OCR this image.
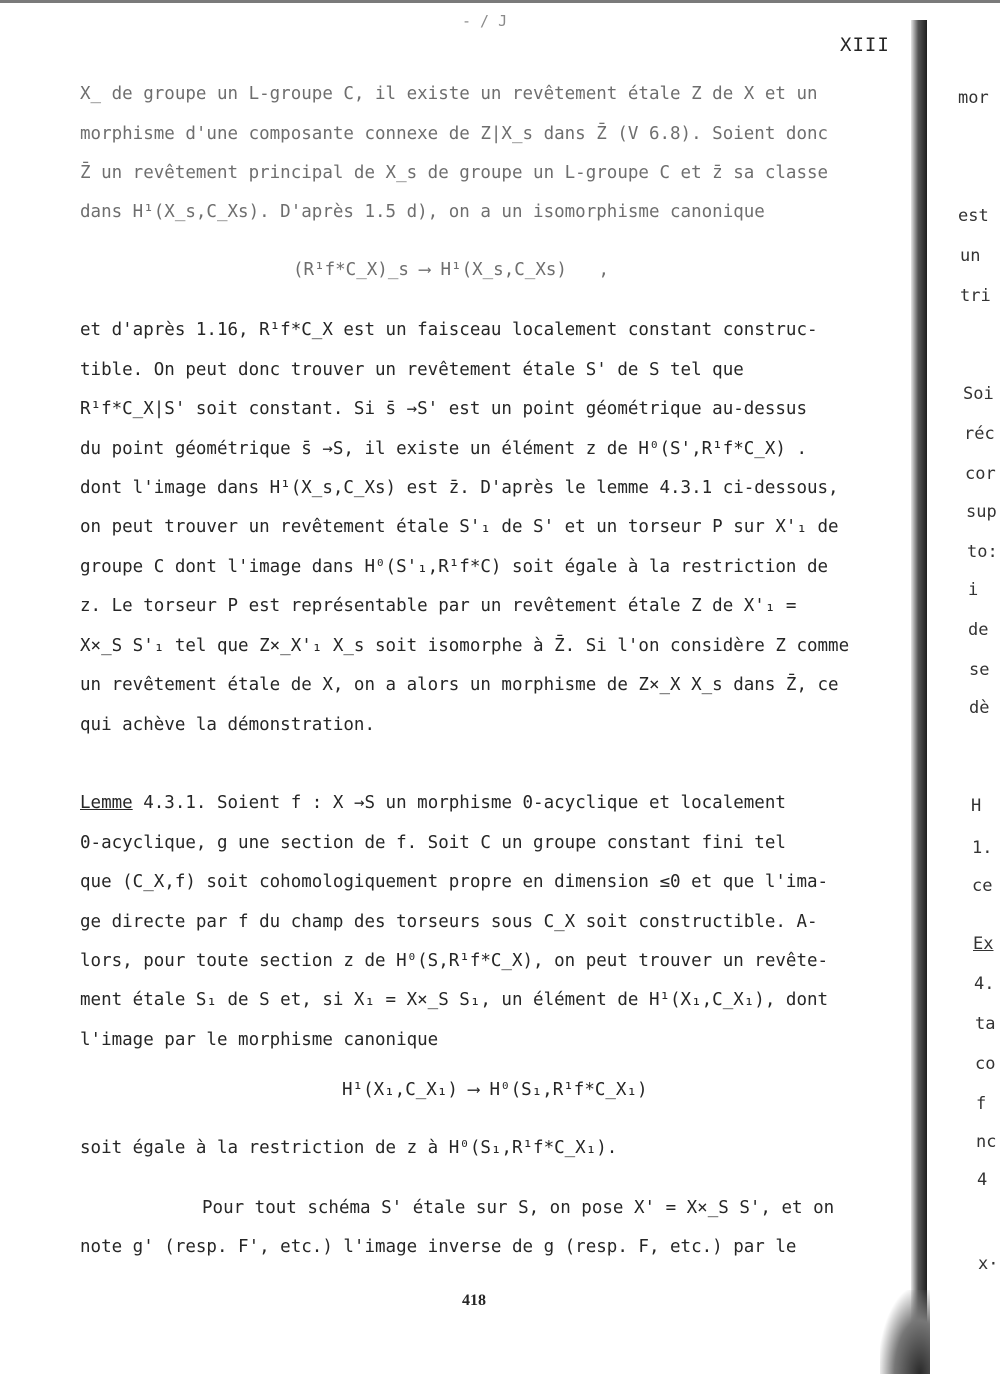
- / J
XIII
X_ de groupe un L-groupe C, il existe un revêtement étale Z de X et un
morphisme d'une composante connexe de Z|X_s dans Z̄ (V 6.8). Soient donc
Z̄ un revêtement principal de X_s de groupe un L-groupe C et z̄ sa classe
dans H¹(X_s,C_Xs). D'après 1.5 d), on a un isomorphisme canonique
(R¹f*C_X)_s ⟶ H¹(X_s,C_Xs)   ,
et d'après 1.16, R¹f*C_X est un faisceau localement constant construc-
tible. On peut donc trouver un revêtement étale S' de S tel que
R¹f*C_X|S' soit constant. Si s̄ →S' est un point géométrique au-dessus
du point géométrique s̄ →S, il existe un élément z de H⁰(S',R¹f*C_X) .
dont l'image dans H¹(X_s,C_Xs) est z̄. D'après le lemme 4.3.1 ci-dessous,
on peut trouver un revêtement étale S'₁ de S' et un torseur P sur X'₁ de
groupe C dont l'image dans H⁰(S'₁,R¹f*C) soit égale à la restriction de
z. Le torseur P est représentable par un revêtement étale Z de X'₁ =
X×_S S'₁ tel que Z×_X'₁ X_s soit isomorphe à Z̄. Si l'on considère Z comme
un revêtement étale de X, on a alors un morphisme de Z×_X X_s dans Z̄, ce
qui achève la démonstration.
Lemme 4.3.1. Soient f : X →S un morphisme 0-acyclique et localement
0-acyclique, g une section de f. Soit C un groupe constant fini tel
que (C_X,f) soit cohomologiquement propre en dimension ≤0 et que l'ima-
ge directe par f du champ des torseurs sous C_X soit constructible. A-
lors, pour toute section z de H⁰(S,R¹f*C_X), on peut trouver un revête-
ment étale S₁ de S et, si X₁ = X×_S S₁, un élément de H¹(X₁,C_X₁), dont
l'image par le morphisme canonique
H¹(X₁,C_X₁) ⟶ H⁰(S₁,R¹f*C_X₁)
soit égale à la restriction de z à H⁰(S₁,R¹f*C_X₁).
Pour tout schéma S' étale sur S, on pose X' = X×_S S', et on
note g' (resp. F', etc.) l'image inverse de g (resp. F, etc.) par le
418
mor
est
un
tri
Soi
réc
cor
sup
to:
i
de
se
dè
H
1.
ce
Ex
4.
ta
co
f
nc
4
x·
